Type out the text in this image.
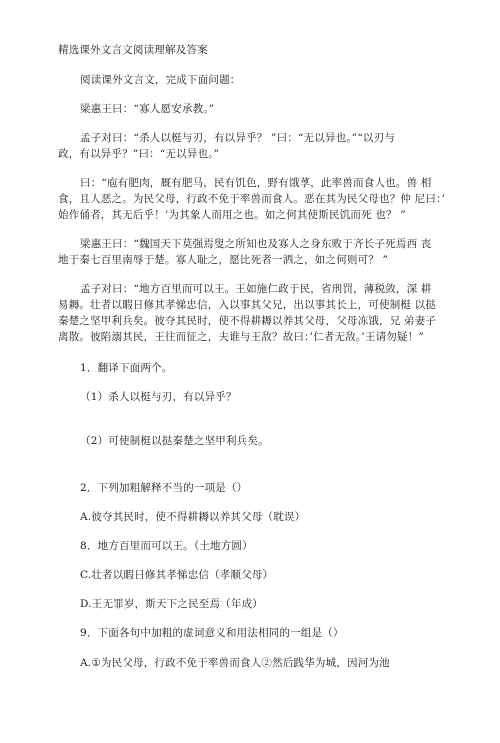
精选课外文言文阅读理解及答案
阅读课外文言文，完成下面问题：
梁惠王曰：“寡人愿安承教。”
孟子对曰：“杀人以梃与刃，有以异乎？ ”曰：“无以异也。”“以刃与
政，有以异乎？”曰：“无以异也。”
曰：“庖有肥肉，厩有肥马，民有饥色，野有饿莩，此率兽而食人也。兽 相
食，且人恶之。为民父母，行政不免于率兽而食人。恶在其为民父母也？仲 尼曰：’
始作俑者，其无后乎！’为其象人而用之也。如之何其使斯民饥而死 也？ ”
梁惠王曰：“魏国天下莫强焉叟之所知也及寡人之身东败于齐长子死焉西 丧
地于秦七百里南辱于楚。寡人耻之，愿比死者一洒之，如之何则可？ ”
孟子对曰：“地方百里而可以王。王如施仁政于民，省刑罚，薄税敛，深 耕
易耨。壮者以暇日修其孝悌忠信，入以事其父兄，出以事其长上，可使制梃 以挞
秦楚之坚甲利兵矣。彼夺其民时，使不得耕耨以养其父母，父母冻饿，兄 弟妻子
离散。彼陷溺其民，王往而征之，夫谁与王敌？故曰：’仁者无敌。’王请勿疑！”
1．翻译下面两个。
（1）杀人以梃与刃，有以异乎？
（2）可使制梃以挞秦楚之坚甲利兵矣。
2．下列加粗解释不当的一项是（）
A.彼夺其民时，使不得耕耨以养其父母（耽误）
8．地方百里而可以王。（土地方圆）
C.壮者以暇日修其孝悌忠信（孝顺父母）
D.王无罪岁，斯天下之民至焉（年成）
9．下面各句中加粗的虚词意义和用法相同的一组是（）
A.①为民父母，行政不免于率兽而食人②然后践华为城，因河为池
